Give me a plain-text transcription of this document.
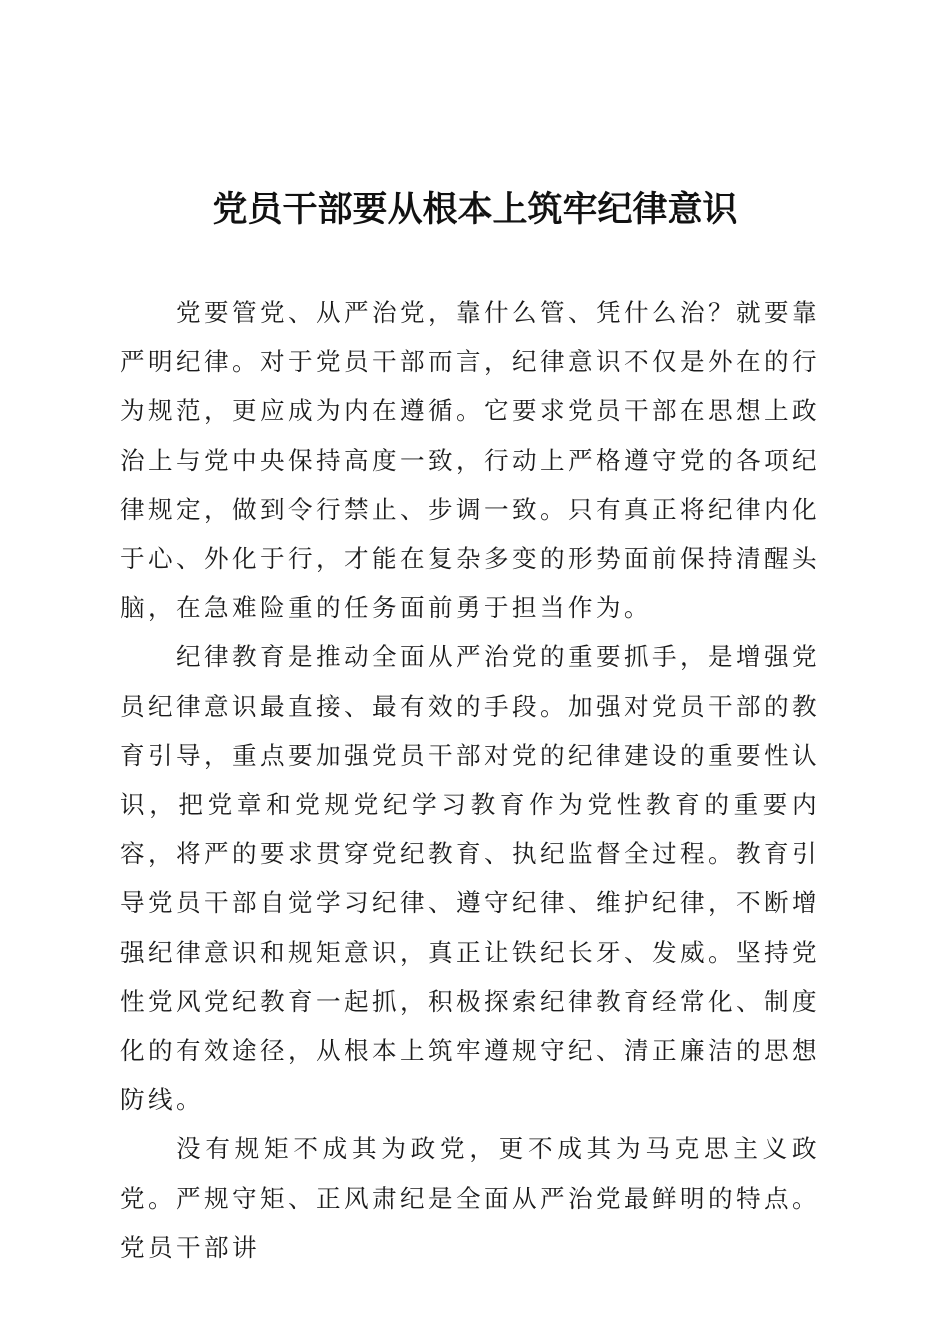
党员干部要从根本上筑牢纪律意识

党要管党、从严治党，靠什么管、凭什么治？就要靠严明纪律。对于党员干部而言，纪律意识不仅是外在的行为规范，更应成为内在遵循。它要求党员干部在思想上政治上与党中央保持高度一致，行动上严格遵守党的各项纪律规定，做到令行禁止、步调一致。只有真正将纪律内化于心、外化于行，才能在复杂多变的形势面前保持清醒头脑，在急难险重的任务面前勇于担当作为。

纪律教育是推动全面从严治党的重要抓手，是增强党员纪律意识最直接、最有效的手段。加强对党员干部的教育引导，重点要加强党员干部对党的纪律建设的重要性认识，把党章和党规党纪学习教育作为党性教育的重要内容，将严的要求贯穿党纪教育、执纪监督全过程。教育引导党员干部自觉学习纪律、遵守纪律、维护纪律，不断增强纪律意识和规矩意识，真正让铁纪长牙、发威。坚持党性党风党纪教育一起抓，积极探索纪律教育经常化、制度化的有效途径，从根本上筑牢遵规守纪、清正廉洁的思想防线。

没有规矩不成其为政党，更不成其为马克思主义政党。严规守矩、正风肃纪是全面从严治党最鲜明的特点。党员干部讲
